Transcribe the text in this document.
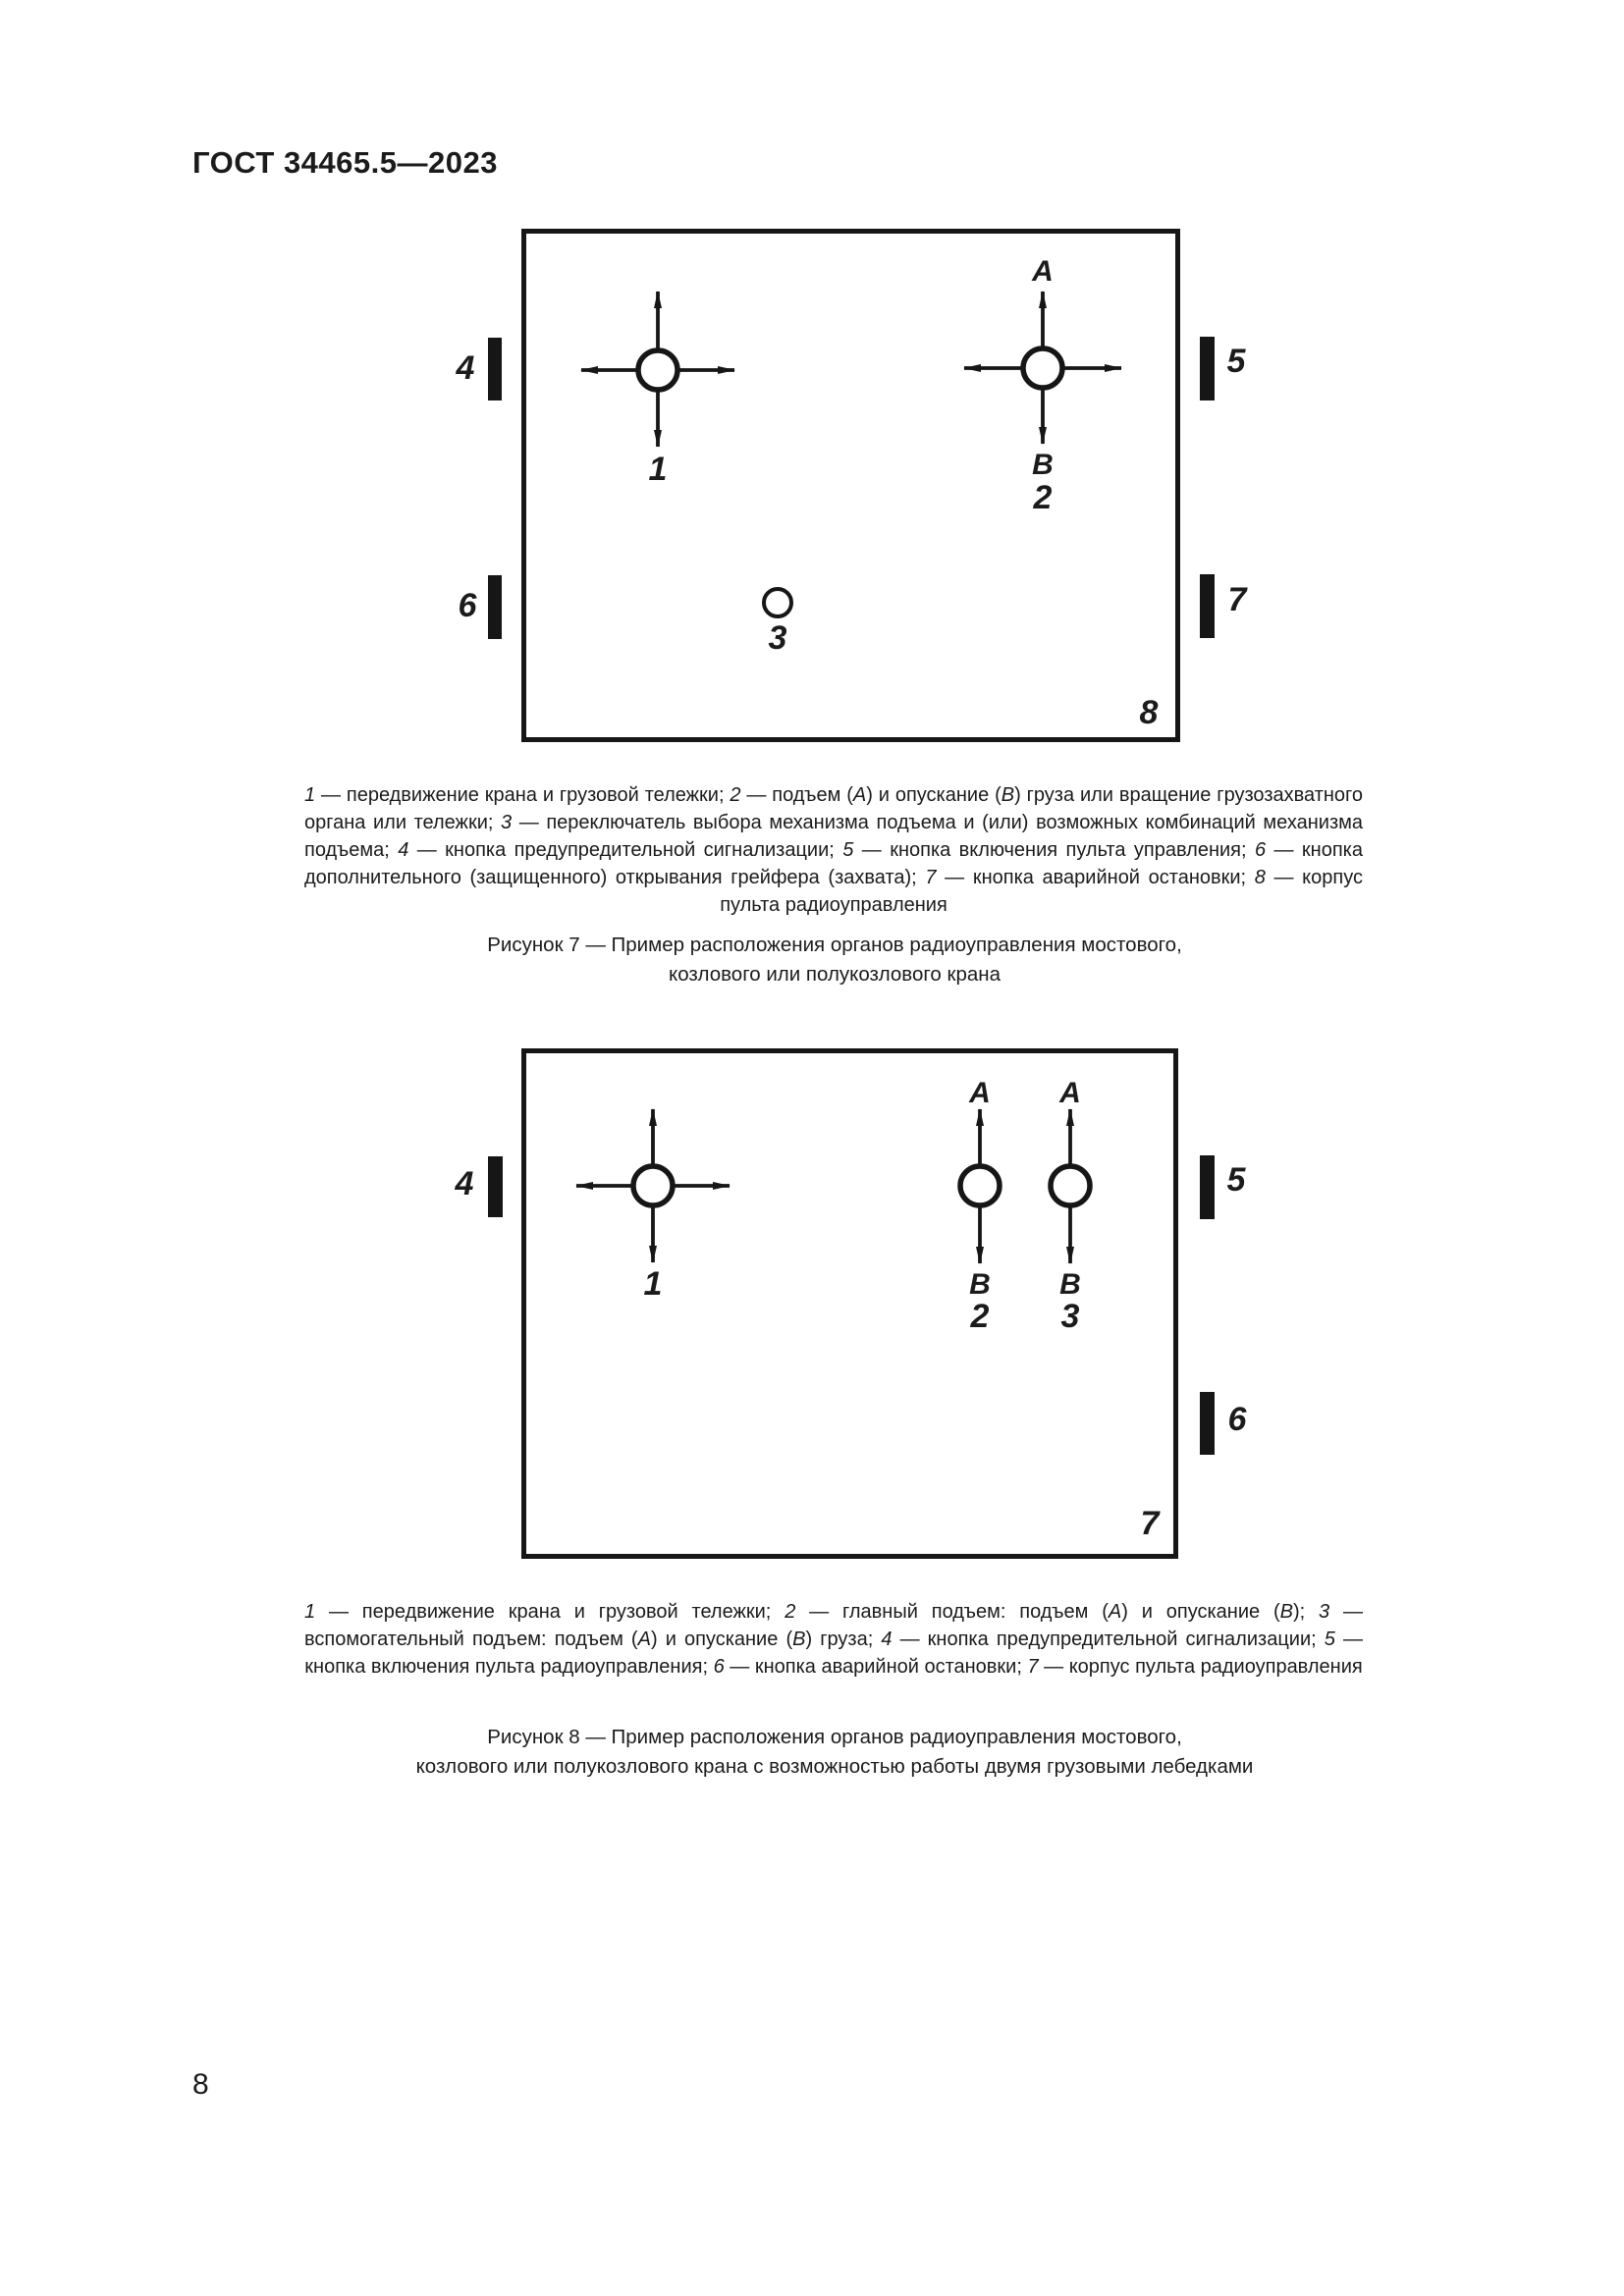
ГОСТ 34465.5—2023
1
А
В
2
3
8
4	5
6	7

1 — передвижение крана и грузовой тележки; 2 — подъем (А) и опускание (В) груза или вращение грузозахватного органа или тележки; 3 — переключатель выбора механизма подъема и (или) возможных комбинаций механизма подъема; 4 — кнопка предупредительной сигнализации; 5 — кнопка включения пульта управления; 6 — кнопка дополнительного (защищенного) открывания грейфера (захвата); 7 — кнопка аварийной остановки; 8 — корпус пульта радиоуправления

Рисунок 7 — Пример расположения органов радиоуправления мостового,
козлового или полукозлового крана
1
А А
В В
2 3
7
4	5
6

1 — передвижение крана и грузовой тележки; 2 — главный подъем: подъем (А) и опускание (В); 3 — вспомогательный подъем: подъем (А) и опускание (В) груза; 4 — кнопка предупредительной сигнализации; 5 — кнопка включения пульта радиоуправления; 6 — кнопка аварийной остановки; 7 — корпус пульта радиоуправления

Рисунок 8 — Пример расположения органов радиоуправления мостового,
козлового или полукозлового крана с возможностью работы двумя грузовыми лебедками
8
